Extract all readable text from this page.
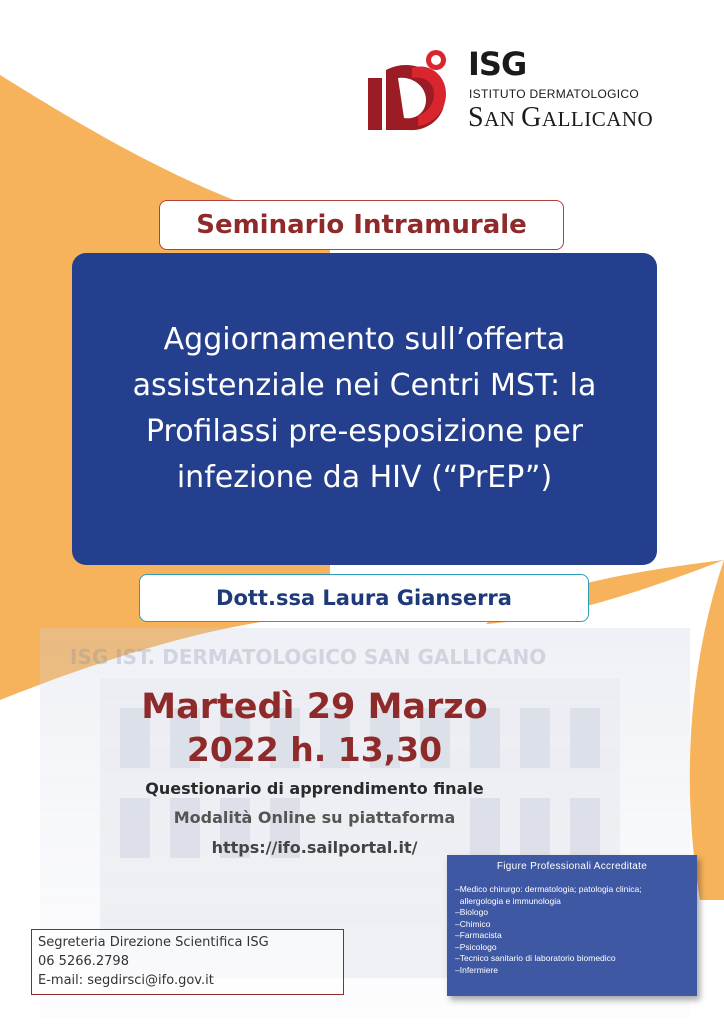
ISG IST. DERMATOLOGICO SAN GALLICANO
ISG
ISTITUTO DERMATOLOGICO
SAN GALLICANO
Seminario Intramurale
Aggiornamento sull’offerta
assistenziale nei Centri MST: la
Profilassi pre-esposizione per
infezione da HIV (“PrEP”)
Dott.ssa Laura Gianserra
Martedì 29 Marzo
2022 h. 13,30
Questionario di apprendimento finale
Modalità Online su piattaforma
https://ifo.sailportal.it/
Segreteria Direzione Scientifica ISG
06 5266.2798
E-mail: segdirsci@ifo.gov.it
Figure Professionali Accreditate
–Medico chirurgo: dermatologia; patologia clinica;
allergologia e immunologia
–Biologo
–Chimico
–Farmacista
–Psicologo
–Tecnico sanitario di laboratorio biomedico
–Infermiere
